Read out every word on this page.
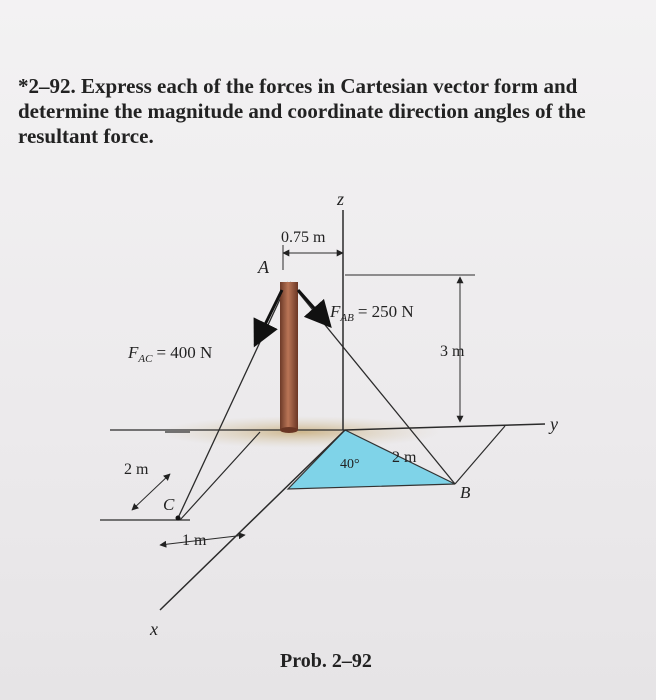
*2–92. Express each of the forces in Cartesian vector form and determine the magnitude and coordinate direction angles of the resultant force.
z
y
x
A
B
C
0.75 m
$F_{AB} = 250$ N
$F_{AC} = 400$ N	3 m
2 m
1 m
40° 2 m
Prob. 2–92
